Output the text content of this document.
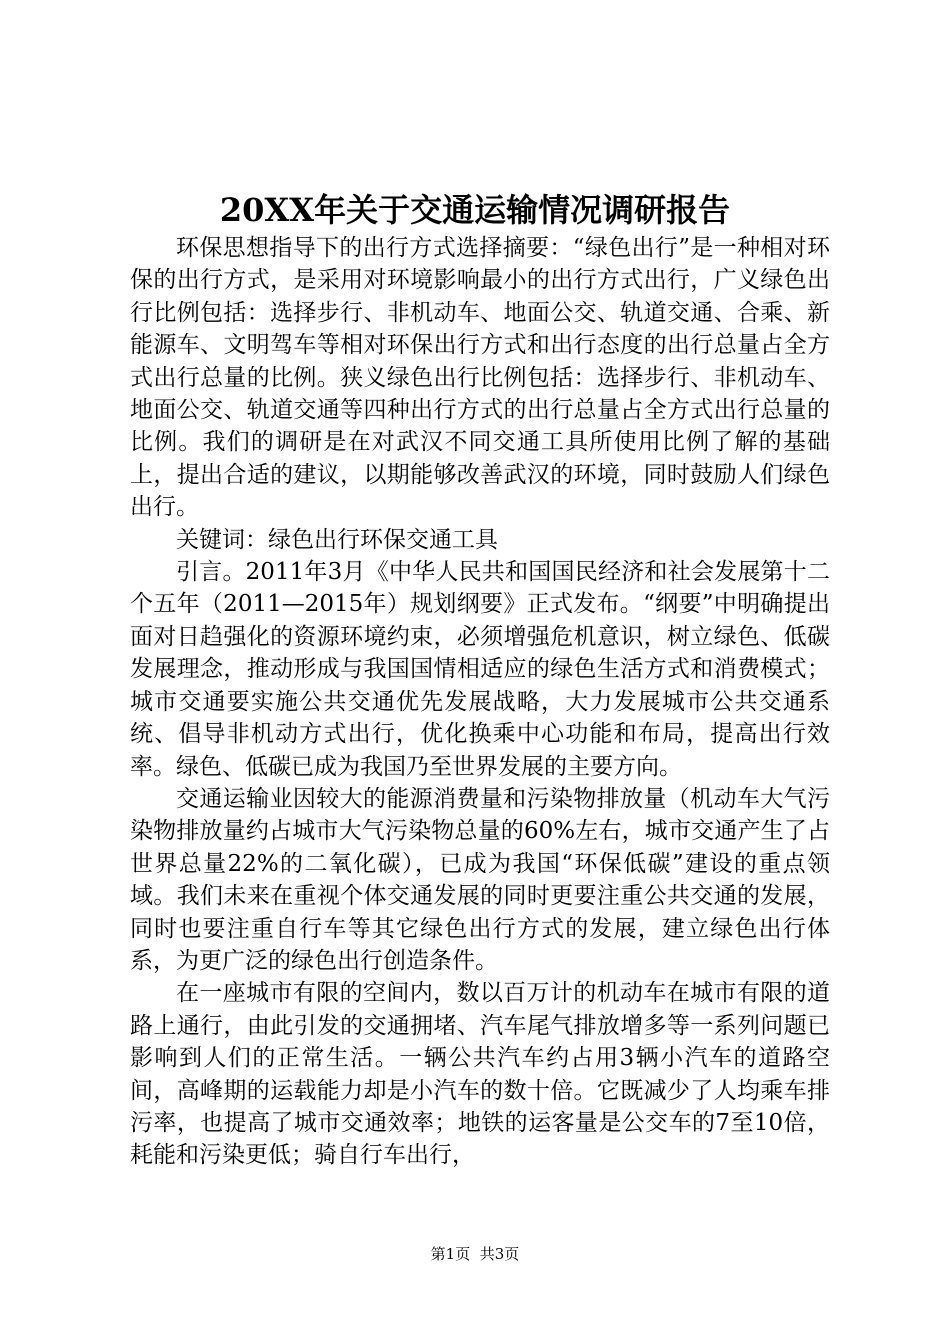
20XX年关于交通运输情况调研报告

环保思想指导下的出行方式选择摘要：“绿色出行”是一种相对环保的出行方式，是采用对环境影响最小的出行方式出行，广义绿色出行比例包括：选择步行、非机动车、地面公交、轨道交通、合乘、新能源车、文明驾车等相对环保出行方式和出行态度的出行总量占全方式出行总量的比例。狭义绿色出行比例包括：选择步行、非机动车、地面公交、轨道交通等四种出行方式的出行总量占全方式出行总量的比例。我们的调研是在对武汉不同交通工具所使用比例了解的基础上，提出合适的建议，以期能够改善武汉的环境，同时鼓励人们绿色出行。

关键词：绿色出行环保交通工具

引言。2011年3月《中华人民共和国国民经济和社会发展第十二个五年（2011—2015年）规划纲要》正式发布。“纲要”中明确提出面对日趋强化的资源环境约束，必须增强危机意识，树立绿色、低碳发展理念，推动形成与我国国情相适应的绿色生活方式和消费模式；城市交通要实施公共交通优先发展战略，大力发展城市公共交通系统、倡导非机动方式出行，优化换乘中心功能和布局，提高出行效率。绿色、低碳已成为我国乃至世界发展的主要方向。

交通运输业因较大的能源消费量和污染物排放量（机动车大气污染物排放量约占城市大气污染物总量的60%左右，城市交通产生了占世界总量22%的二氧化碳），已成为我国“环保低碳”建设的重点领域。我们未来在重视个体交通发展的同时更要注重公共交通的发展，同时也要注重自行车等其它绿色出行方式的发展，建立绿色出行体系，为更广泛的绿色出行创造条件。

在一座城市有限的空间内，数以百万计的机动车在城市有限的道路上通行，由此引发的交通拥堵、汽车尾气排放增多等一系列问题已影响到人们的正常生活。一辆公共汽车约占用3辆小汽车的道路空间，高峰期的运载能力却是小汽车的数十倍。它既减少了人均乘车排污率，也提高了城市交通效率；地铁的运客量是公交车的7至10倍，耗能和污染更低；骑自行车出行，

第1页 共3页
